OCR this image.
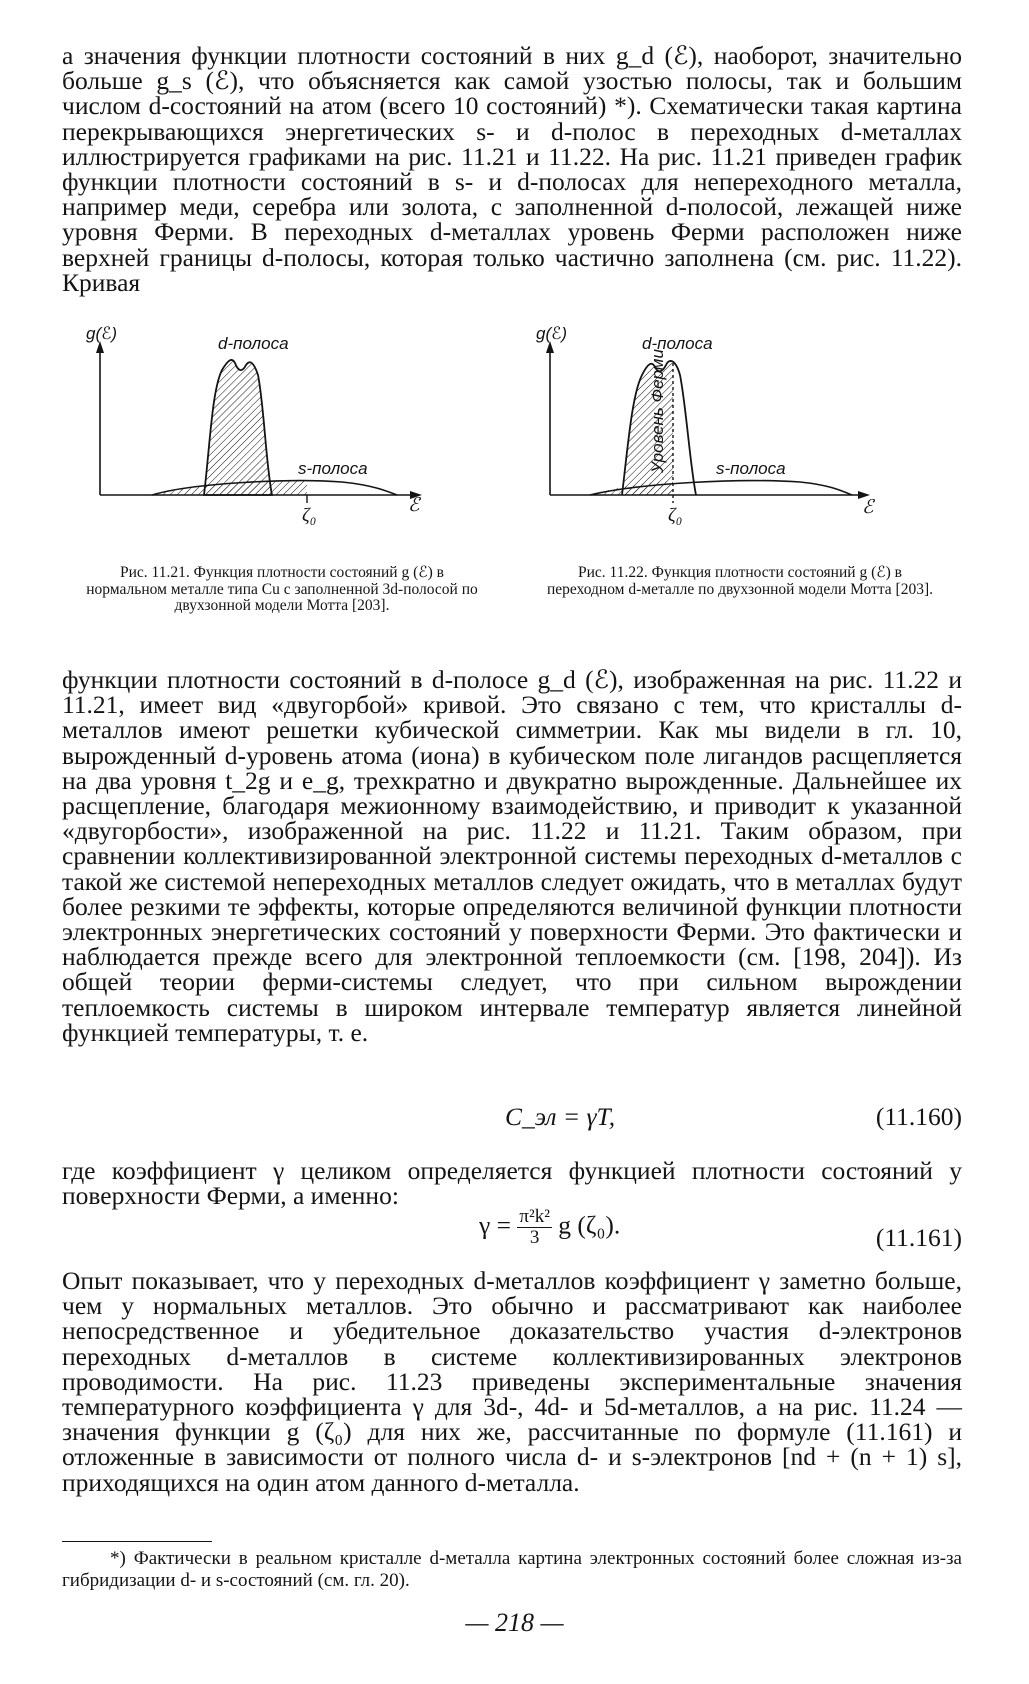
а значения функции плотности состояний в них g_d (ℰ), наоборот, значительно больше g_s (ℰ), что объясняется как самой узостью полосы, так и большим числом d-состояний на атом (всего 10 состояний) *). Схематически такая картина перекрывающихся энергетических s- и d-полос в переходных d-металлах иллюстрируется графиками на рис. 11.21 и 11.22. На рис. 11.21 приведен график функции плотности состояний в s- и d-полосах для непереходного металла, например меди, серебра или золота, с заполненной d-полосой, лежащей ниже уровня Ферми. В переходных d-металлах уровень Ферми расположен ниже верхней границы d-полосы, которая только частично заполнена (см. рис. 11.22). Кривая
g(ℰ)
d-полоса
s-полоса
ζ₀	ℰ
Рис. 11.21. Функция плотности состояний g (ℰ) в нормальном металле типа Cu с заполненной 3d-полосой по двухзонной модели Мотта [203].
Уровень Ферми
g(ℰ)
d-полоса
s-полоса
ζ₀	ℰ
Рис. 11.22. Функция плотности состояний g (ℰ) в переходном d-металле по двухзонной модели Мотта [203].
функции плотности состояний в d-полосе g_d (ℰ), изображенная на рис. 11.22 и 11.21, имеет вид «двугорбой» кривой. Это связано с тем, что кристаллы d-металлов имеют решетки кубической симметрии. Как мы видели в гл. 10, вырожденный d-уровень атома (иона) в кубическом поле лигандов расщепляется на два уровня t_2g и e_g, трехкратно и двукратно вырожденные. Дальнейшее их расщепление, благодаря межионному взаимодействию, и приводит к указанной «двугорбости», изображенной на рис. 11.22 и 11.21. Таким образом, при сравнении коллективизированной электронной системы переходных d-металлов с такой же системой непереходных металлов следует ожидать, что в металлах будут более резкими те эффекты, которые определяются величиной функции плотности электронных энергетических состояний у поверхности Ферми. Это фактически и наблюдается прежде всего для электронной теплоемкости (см. [198, 204]). Из общей теории ферми-системы следует, что при сильном вырождении теплоемкость системы в широком интервале температур является линейной функцией температуры, т. е.
C_эл = γT,	(11.160)
где коэффициент γ целиком определяется функцией плотности состояний у поверхности Ферми, а именно:
$\gamma = \frac{\text{π²k²}}{3}$ g (ζ₀).	(11.161)
Опыт показывает, что у переходных d-металлов коэффициент γ заметно больше, чем у нормальных металлов. Это обычно и рассматривают как наиболее непосредственное и убедительное доказательство участия d-электронов переходных d-металлов в системе коллективизированных электронов проводимости. На рис. 11.23 приведены экспериментальные значения температурного коэффициента γ для 3d-, 4d- и 5d-металлов, а на рис. 11.24 — значения функции g (ζ₀) для них же, рассчитанные по формуле (11.161) и отложенные в зависимости от полного числа d- и s-электронов [nd + (n + 1) s], приходящихся на один атом данного d-металла.
*) Фактически в реальном кристалле d-металла картина электронных состояний более сложная из-за гибридизации d- и s-состояний (см. гл. 20).
— 218 —
